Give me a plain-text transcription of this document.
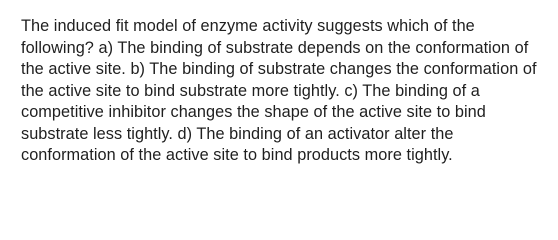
The induced fit model of enzyme activity suggests which of the following? a) The binding of substrate depends on the conformation of the active site. b) The binding of substrate changes the conformation of the active site to bind substrate more tightly. c) The binding of a competitive inhibitor changes the shape of the active site to bind substrate less tightly. d) The binding of an activator alter the conformation of the active site to bind products more tightly.
